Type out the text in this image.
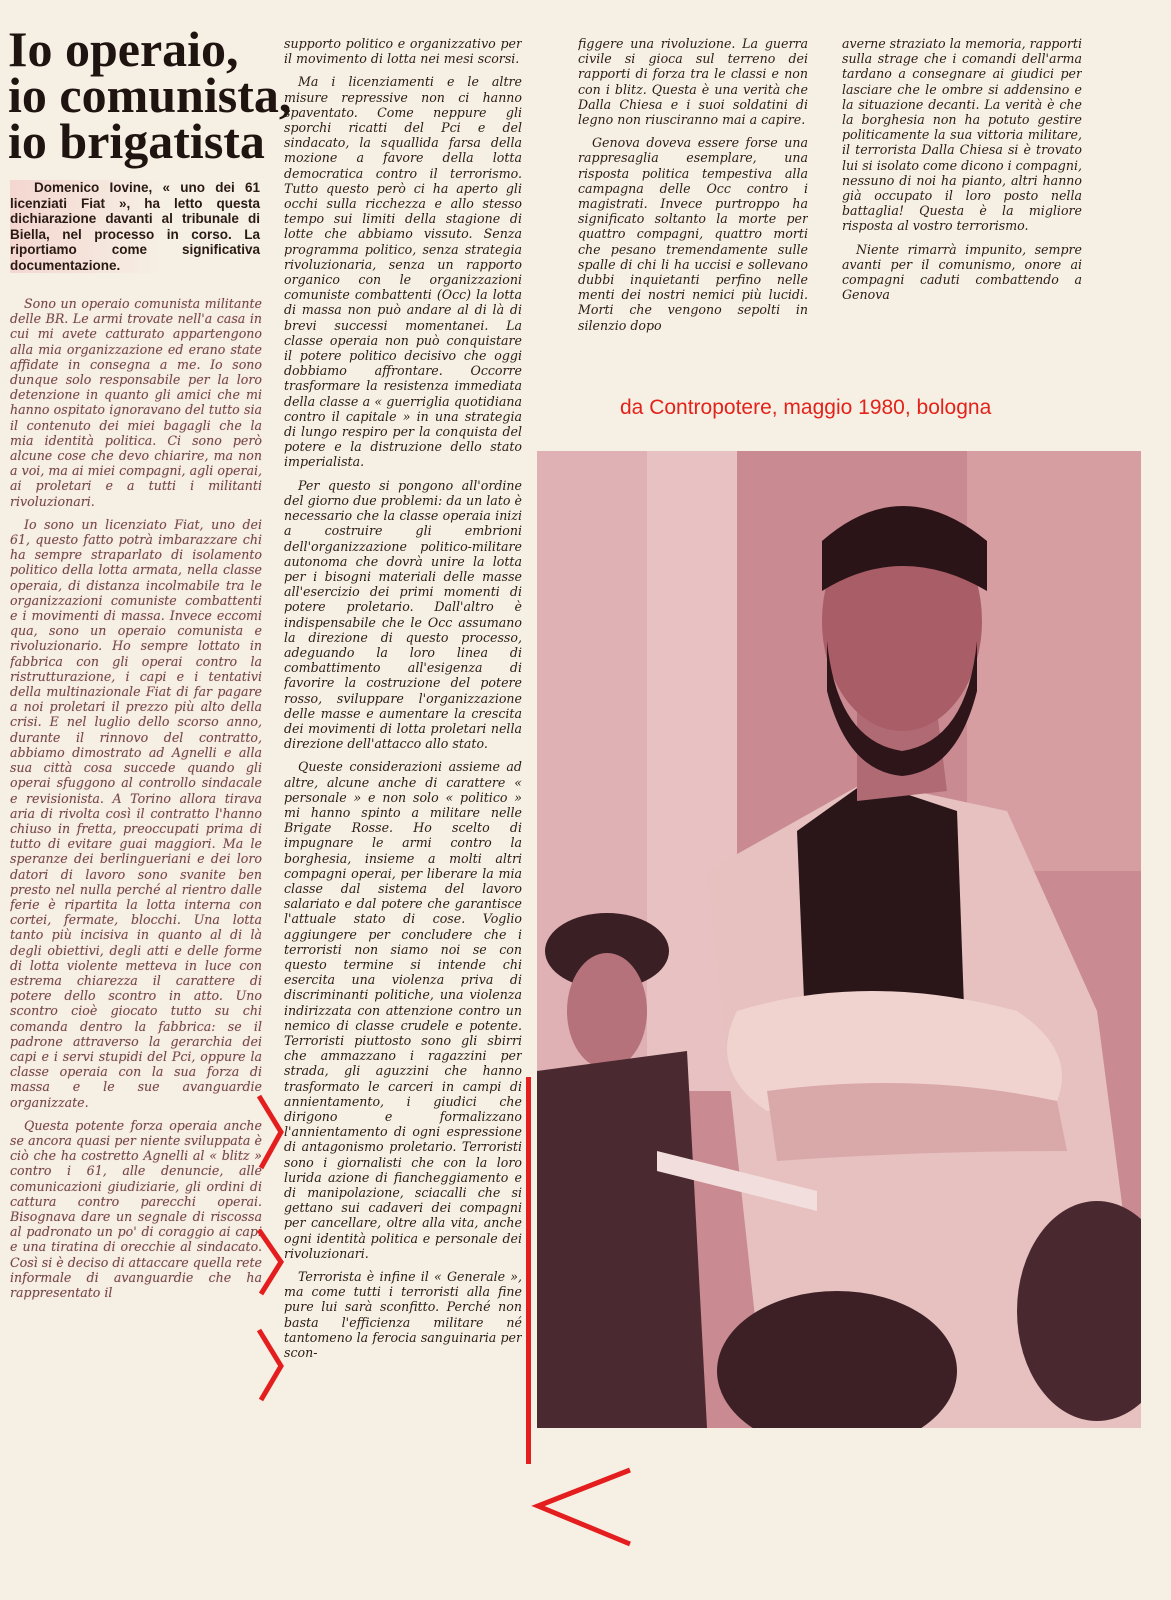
Io operaio,
io comunista,
io brigatista
Domenico Iovine, « uno dei 61 licenziati Fiat », ha letto questa dichiarazione davanti al tribunale di Biella, nel processo in corso. La riportiamo come significativa documentazione.

Sono un operaio comunista militante delle BR. Le armi trovate nell'a casa in cui mi avete catturato appartengono alla mia organizzazione ed erano state affidate in consegna a me. Io sono dunque solo responsabile per la loro detenzione in quanto gli amici che mi hanno ospitato ignoravano del tutto sia il contenuto dei miei bagagli che la mia identità politica. Ci sono però alcune cose che devo chiarire, ma non a voi, ma ai miei compagni, agli operai, ai proletari e a tutti i militanti rivoluzionari.

Io sono un licenziato Fiat, uno dei 61, questo fatto potrà imbarazzare chi ha sempre straparlato di isolamento politico della lotta armata, nella classe operaia, di distanza incolmabile tra le organizzazioni comuniste combattenti e i movimenti di massa. Invece eccomi qua, sono un operaio comunista e rivoluzionario. Ho sempre lottato in fabbrica con gli operai contro la ristrutturazione, i capi e i tentativi della multinazionale Fiat di far pagare a noi proletari il prezzo più alto della crisi. E nel luglio dello scorso anno, durante il rinnovo del contratto, abbiamo dimostrato ad Agnelli e alla sua città cosa succede quando gli operai sfuggono al controllo sindacale e revisionista. A Torino allora tirava aria di rivolta così il contratto l'hanno chiuso in fretta, preoccupati prima di tutto di evitare guai maggiori. Ma le speranze dei berlingueriani e dei loro datori di lavoro sono svanite ben presto nel nulla perché al rientro dalle ferie è ripartita la lotta interna con cortei, fermate, blocchi. Una lotta tanto più incisiva in quanto al di là degli obiettivi, degli atti e delle forme di lotta violente metteva in luce con estrema chiarezza il carattere di potere dello scontro in atto. Uno scontro cioè giocato tutto su chi comanda dentro la fabbrica: se il padrone attraverso la gerarchia dei capi e i servi stupidi del Pci, oppure la classe operaia con la sua forza di massa e le sue avanguardie organizzate.

Questa potente forza operaia anche se ancora quasi per niente sviluppata è ciò che ha costretto Agnelli al « blitz » contro i 61, alle denuncie, alle comunicazioni giudiziarie, gli ordini di cattura contro parecchi operai. Bisognava dare un segnale di riscossa al padronato un po' di coraggio ai capi e una tiratina di orecchie al sindacato. Così si è deciso di attaccare quella rete informale di avanguardie che ha rappresentato il

supporto politico e organizzativo per il movimento di lotta nei mesi scorsi.

Ma i licenziamenti e le altre misure repressive non ci hanno spaventato. Come neppure gli sporchi ricatti del Pci e del sindacato, la squallida farsa della mozione a favore della lotta democratica contro il terrorismo. Tutto questo però ci ha aperto gli occhi sulla ricchezza e allo stesso tempo sui limiti della stagione di lotte che abbiamo vissuto. Senza programma politico, senza strategia rivoluzionaria, senza un rapporto organico con le organizzazioni comuniste combattenti (Occ) la lotta di massa non può andare al di là di brevi successi momentanei. La classe operaia non può conquistare il potere politico decisivo che oggi dobbiamo affrontare. Occorre trasformare la resistenza immediata della classe a « guerriglia quotidiana contro il capitale » in una strategia di lungo respiro per la conquista del potere e la distruzione dello stato imperialista.

Per questo si pongono all'ordine del giorno due problemi: da un lato è necessario che la classe operaia inizi a costruire gli embrioni dell'organizzazione politico-militare autonoma che dovrà unire la lotta per i bisogni materiali delle masse all'esercizio dei primi momenti di potere proletario. Dall'altro è indispensabile che le Occ assumano la direzione di questo processo, adeguando la loro linea di combattimento all'esigenza di favorire la costruzione del potere rosso, sviluppare l'organizzazione delle masse e aumentare la crescita dei movimenti di lotta proletari nella direzione dell'attacco allo stato.

Queste considerazioni assieme ad altre, alcune anche di carattere « personale » e non solo « politico » mi hanno spinto a militare nelle Brigate Rosse. Ho scelto di impugnare le armi contro la borghesia, insieme a molti altri compagni operai, per liberare la mia classe dal sistema del lavoro salariato e dal potere che garantisce l'attuale stato di cose. Voglio aggiungere per concludere che i terroristi non siamo noi se con questo termine si intende chi esercita una violenza priva di discriminanti politiche, una violenza indirizzata con attenzione contro un nemico di classe crudele e potente. Terroristi piuttosto sono gli sbirri che ammazzano i ragazzini per strada, gli aguzzini che hanno trasformato le carceri in campi di annientamento, i giudici che dirigono e formalizzano l'annientamento di ogni espressione di antagonismo proletario. Terroristi sono i giornalisti che con la loro lurida azione di fiancheggiamento e di manipolazione, sciacalli che si gettano sui cadaveri dei compagni per cancellare, oltre alla vita, anche ogni identità politica e personale dei rivoluzionari.

Terrorista è infine il « Generale », ma come tutti i terroristi alla fine pure lui sarà sconfitto. Perché non basta l'efficienza militare né tantomeno la ferocia sanguinaria per scon-

figgere una rivoluzione. La guerra civile si gioca sul terreno dei rapporti di forza tra le classi e non con i blitz. Questa è una verità che Dalla Chiesa e i suoi soldatini di legno non riusciranno mai a capire.

Genova doveva essere forse una rappresaglia esemplare, una risposta politica tempestiva alla campagna delle Occ contro i magistrati. Invece purtroppo ha significato soltanto la morte per quattro compagni, quattro morti che pesano tremendamente sulle spalle di chi li ha uccisi e sollevano dubbi inquietanti perfino nelle menti dei nostri nemici più lucidi. Morti che vengono sepolti in silenzio dopo

averne straziato la memoria, rapporti sulla strage che i comandi dell'arma tardano a consegnare ai giudici per lasciare che le ombre si addensino e la situazione decanti. La verità è che la borghesia non ha potuto gestire politicamente la sua vittoria militare, il terrorista Dalla Chiesa si è trovato lui si isolato come dicono i compagni, nessuno di noi ha pianto, altri hanno già occupato il loro posto nella battaglia! Questa è la migliore risposta al vostro terrorismo.

Niente rimarrà impunito, sempre avanti per il comunismo, onore ai compagni caduti combattendo a Genova

da Contropotere, maggio 1980, bologna
